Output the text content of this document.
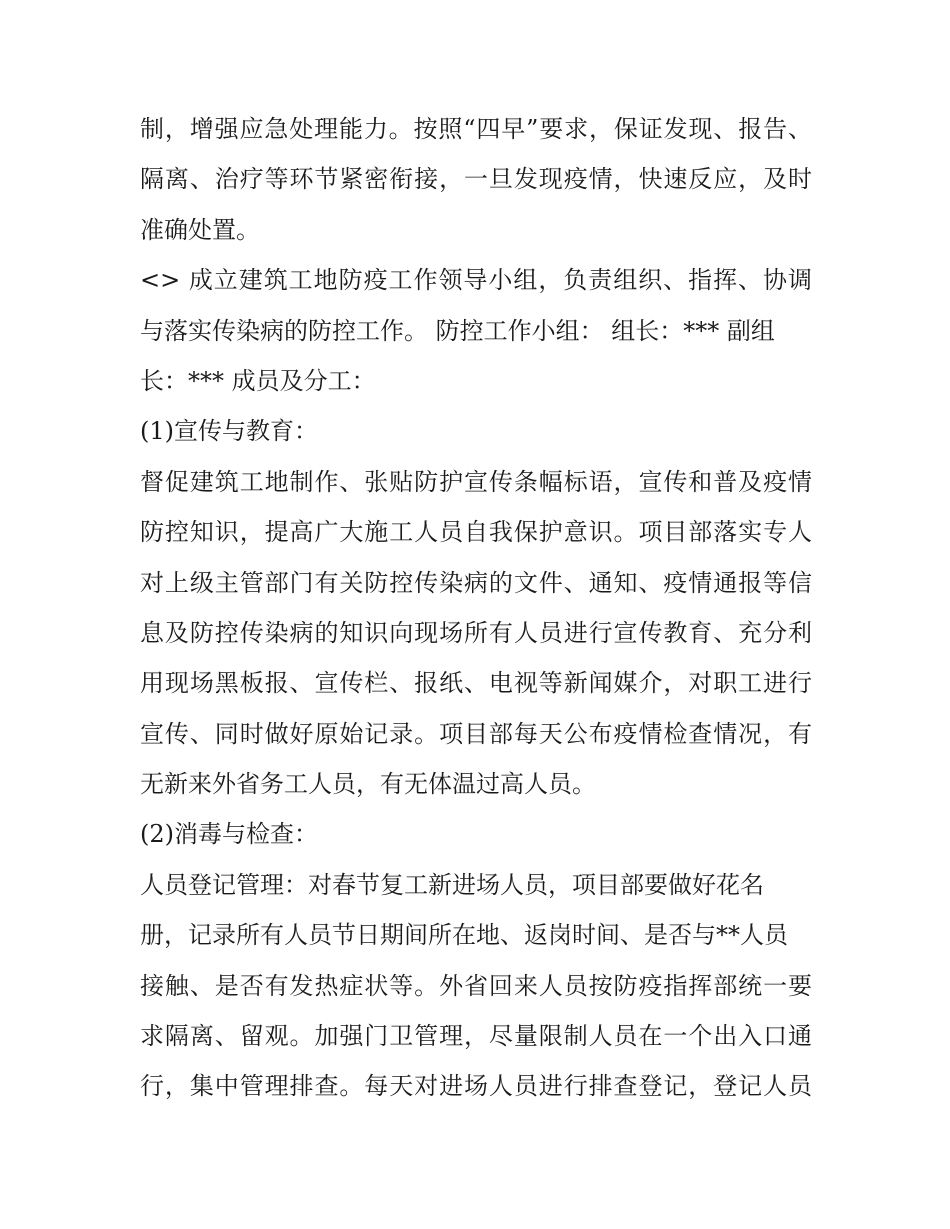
制，增强应急处理能力。按照“四早”要求，保证发现、报告、
隔离、治疗等环节紧密衔接，一旦发现疫情，快速反应，及时
准确处置。
<> 成立建筑工地防疫工作领导小组，负责组织、指挥、协调
与落实传染病的防控工作。 防控工作小组： 组长：*** 副组
长：*** 成员及分工：
(1)宣传与教育：
督促建筑工地制作、张贴防护宣传条幅标语，宣传和普及疫情
防控知识，提高广大施工人员自我保护意识。项目部落实专人
对上级主管部门有关防控传染病的文件、通知、疫情通报等信
息及防控传染病的知识向现场所有人员进行宣传教育、充分利
用现场黑板报、宣传栏、报纸、电视等新闻媒介，对职工进行
宣传、同时做好原始记录。项目部每天公布疫情检查情况，有
无新来外省务工人员，有无体温过高人员。
(2)消毒与检查：
人员登记管理：对春节复工新进场人员，项目部要做好花名
册，记录所有人员节日期间所在地、返岗时间、是否与**人员
接触、是否有发热症状等。外省回来人员按防疫指挥部统一要
求隔离、留观。加强门卫管理，尽量限制人员在一个出入口通
行，集中管理排查。每天对进场人员进行排查登记，登记人员
